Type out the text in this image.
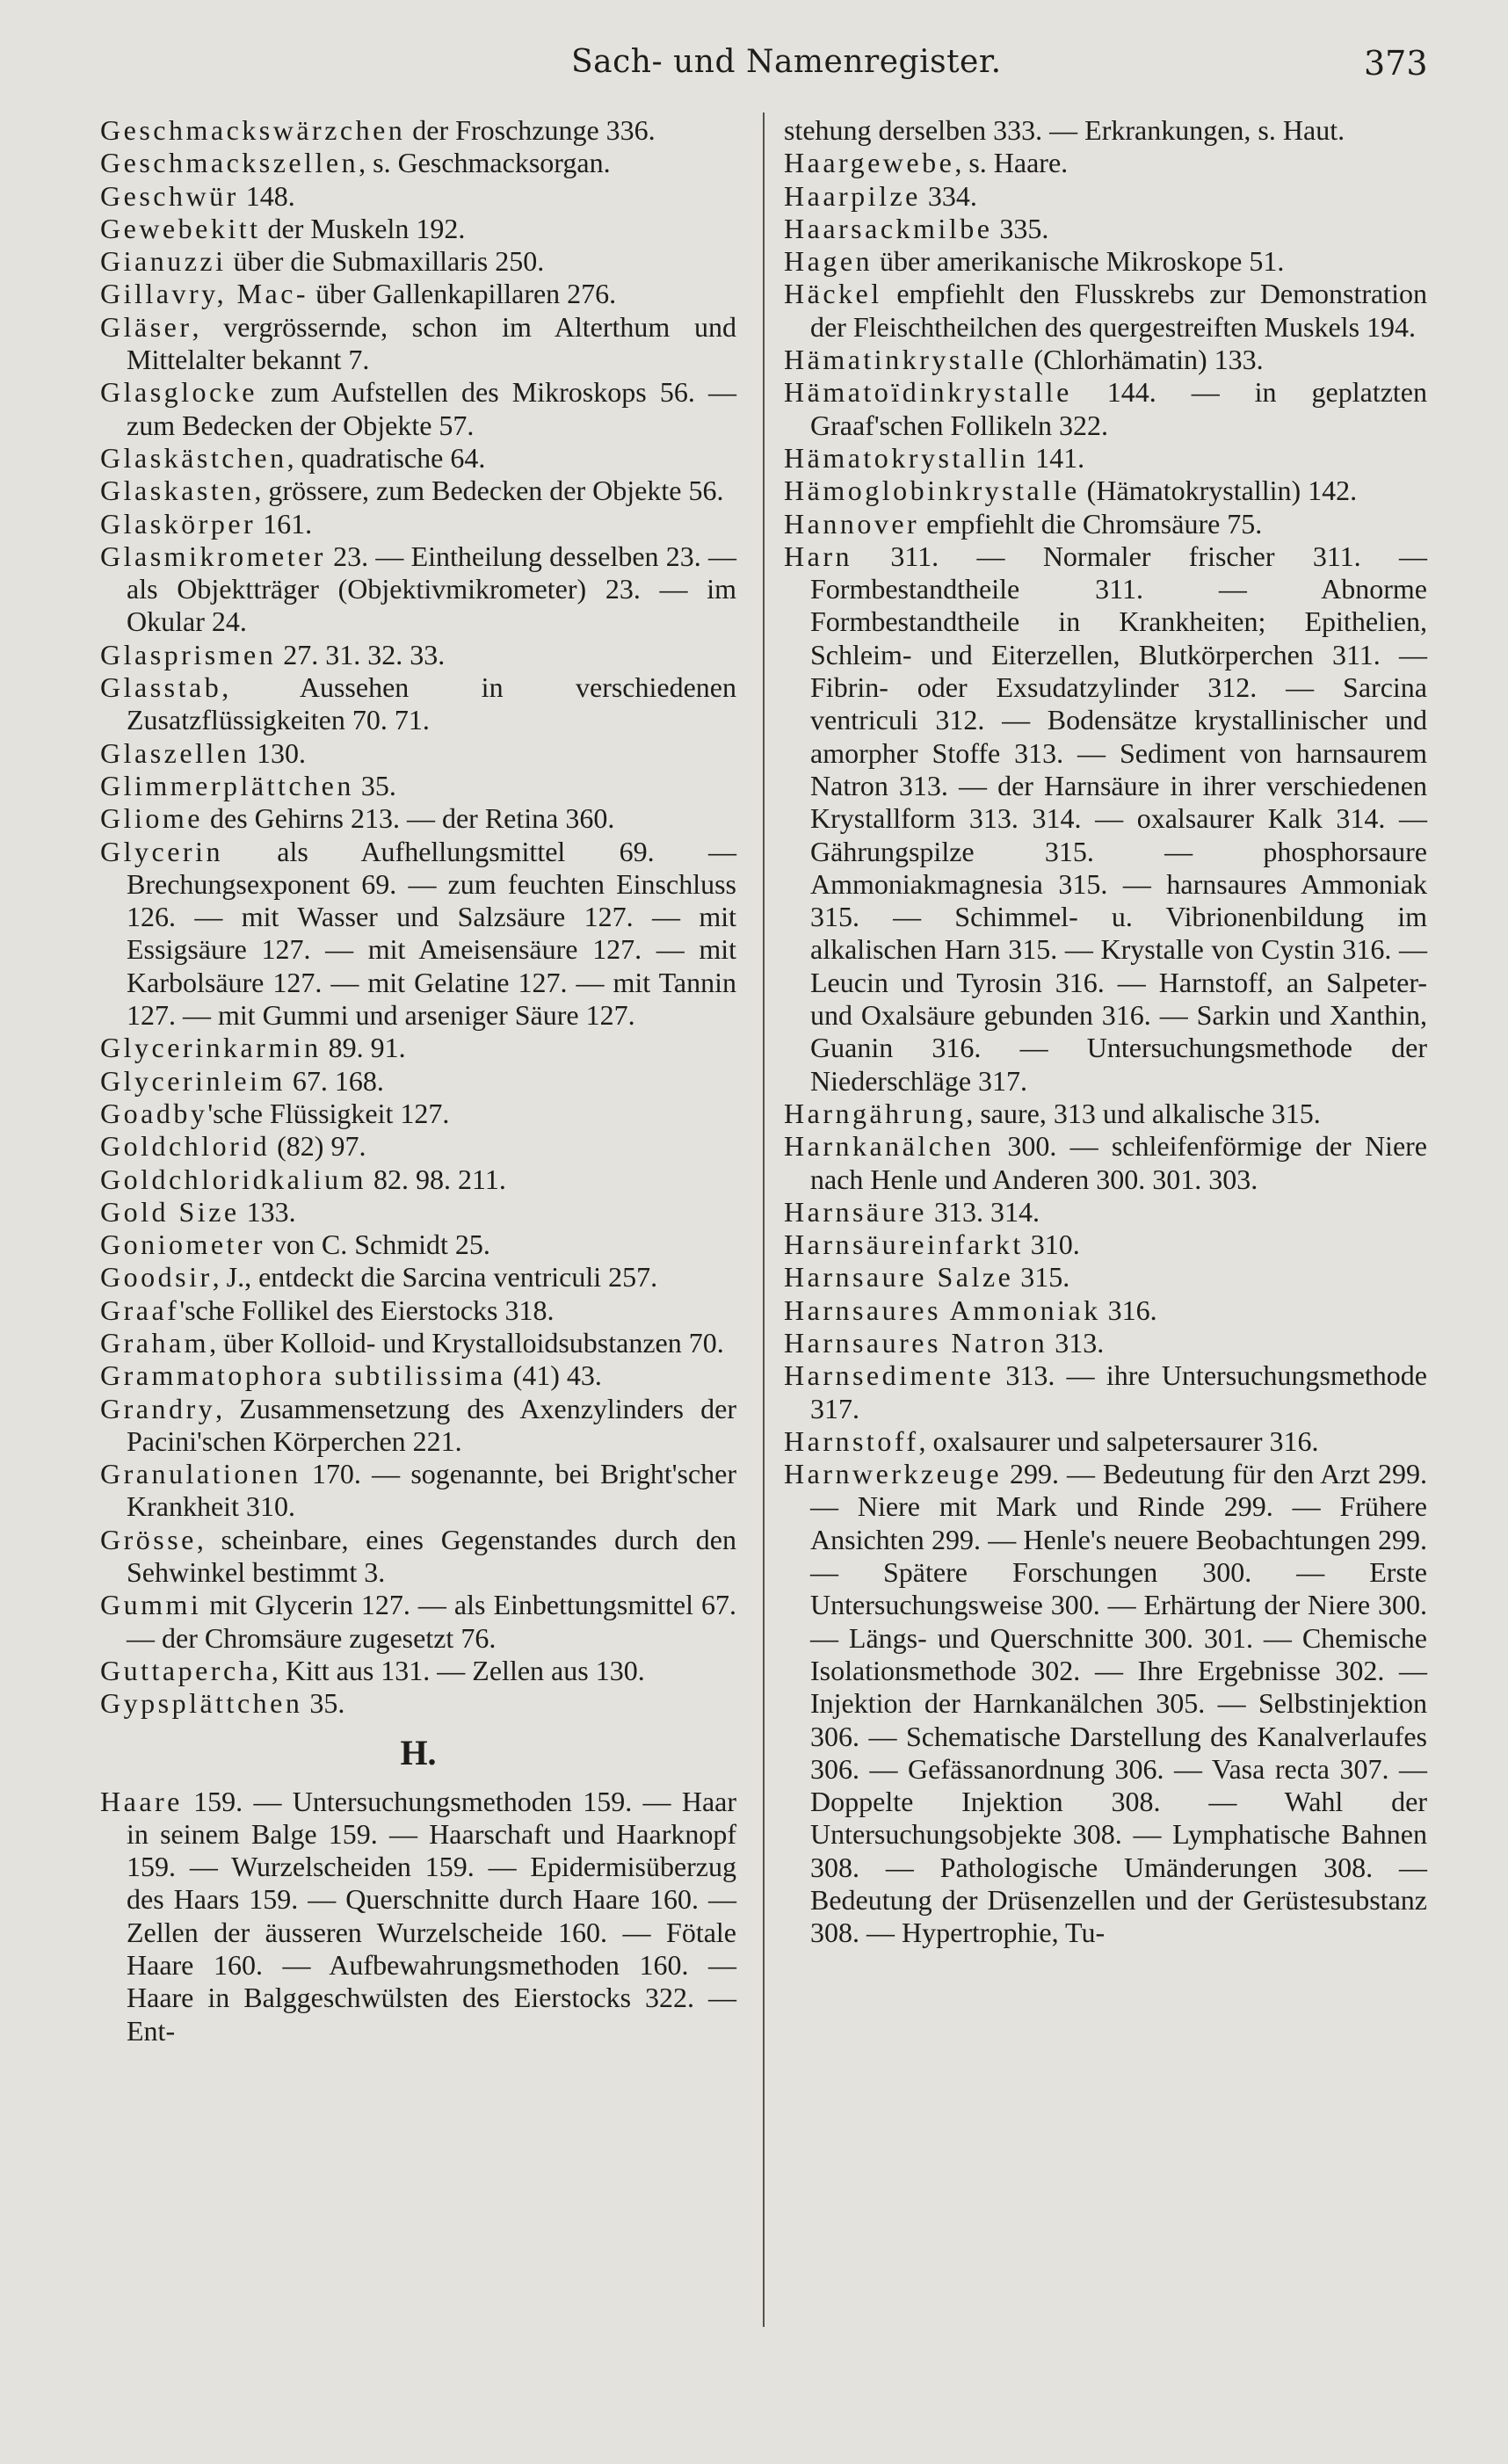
Sach- und Namenregister.	373
Geschmackswärzchen der Froschzunge 336.
Geschmackszellen, s. Geschmacksorgan.
Geschwür 148.
Gewebekitt der Muskeln 192.
Gianuzzi über die Submaxillaris 250.
Gillavry, Mac- über Gallenkapillaren 276.
Gläser, vergrössernde, schon im Alterthum und Mittelalter bekannt 7.
Glasglocke zum Aufstellen des Mikroskops 56. — zum Bedecken der Objekte 57.
Glaskästchen, quadratische 64.
Glaskasten, grössere, zum Bedecken der Objekte 56.
Glaskörper 161.
Glasmikrometer 23. — Eintheilung desselben 23. — als Objektträger (Objektivmikrometer) 23. — im Okular 24.
Glasprismen 27. 31. 32. 33.
Glasstab, Aussehen in verschiedenen Zusatzflüssigkeiten 70. 71.
Glaszellen 130.
Glimmerplättchen 35.
Gliome des Gehirns 213. — der Retina 360.
Glycerin als Aufhellungsmittel 69. — Brechungsexponent 69. — zum feuchten Einschluss 126. — mit Wasser und Salzsäure 127. — mit Essigsäure 127. — mit Ameisensäure 127. — mit Karbolsäure 127. — mit Gelatine 127. — mit Tannin 127. — mit Gummi und arseniger Säure 127.
Glycerinkarmin 89. 91.
Glycerinleim 67. 168.
Goadby'sche Flüssigkeit 127.
Goldchlorid (82) 97.
Goldchloridkalium 82. 98. 211.
Gold Size 133.
Goniometer von C. Schmidt 25.
Goodsir, J., entdeckt die Sarcina ventriculi 257.
Graaf'sche Follikel des Eierstocks 318.
Graham, über Kolloid- und Krystalloidsubstanzen 70.
Grammatophora subtilissima (41) 43.
Grandry, Zusammensetzung des Axenzylinders der Pacini'schen Körperchen 221.
Granulationen 170. — sogenannte, bei Bright'scher Krankheit 310.
Grösse, scheinbare, eines Gegenstandes durch den Sehwinkel bestimmt 3.
Gummi mit Glycerin 127. — als Einbettungsmittel 67. — der Chromsäure zugesetzt 76.
Guttapercha, Kitt aus 131. — Zellen aus 130.
Gypsplättchen 35.
H.
Haare 159. — Untersuchungsmethoden 159. — Haar in seinem Balge 159. — Haarschaft und Haarknopf 159. — Wurzelscheiden 159. — Epidermisüberzug des Haars 159. — Querschnitte durch Haare 160. — Zellen der äusseren Wurzelscheide 160. — Fötale Haare 160. — Aufbewahrungsmethoden 160. — Haare in Balggeschwülsten des Eierstocks 322. — Ent-
stehung derselben 333. — Erkrankungen, s. Haut.
Haargewebe, s. Haare.
Haarpilze 334.
Haarsackmilbe 335.
Hagen über amerikanische Mikroskope 51.
Häckel empfiehlt den Flusskrebs zur Demonstration der Fleischtheilchen des quergestreiften Muskels 194.
Hämatinkrystalle (Chlorhämatin) 133.
Hämatoïdinkrystalle 144. — in geplatzten Graaf'schen Follikeln 322.
Hämatokrystallin 141.
Hämoglobinkrystalle (Hämatokrystallin) 142.
Hannover empfiehlt die Chromsäure 75.
Harn 311. — Normaler frischer 311. — Formbestandtheile 311. — Abnorme Formbestandtheile in Krankheiten; Epithelien, Schleim- und Eiterzellen, Blutkörperchen 311. — Fibrin- oder Exsudatzylinder 312. — Sarcina ventriculi 312. — Bodensätze krystallinischer und amorpher Stoffe 313. — Sediment von harnsaurem Natron 313. — der Harnsäure in ihrer verschiedenen Krystallform 313. 314. — oxalsaurer Kalk 314. — Gährungspilze 315. — phosphorsaure Ammoniakmagnesia 315. — harnsaures Ammoniak 315. — Schimmel- u. Vibrionenbildung im alkalischen Harn 315. — Krystalle von Cystin 316. — Leucin und Tyrosin 316. — Harnstoff, an Salpeter- und Oxalsäure gebunden 316. — Sarkin und Xanthin, Guanin 316. — Untersuchungsmethode der Niederschläge 317.
Harngährung, saure, 313 und alkalische 315.
Harnkanälchen 300. — schleifenförmige der Niere nach Henle und Anderen 300. 301. 303.
Harnsäure 313. 314.
Harnsäureinfarkt 310.
Harnsaure Salze 315.
Harnsaures Ammoniak 316.
Harnsaures Natron 313.
Harnsedimente 313. — ihre Untersuchungsmethode 317.
Harnstoff, oxalsaurer und salpetersaurer 316.
Harnwerkzeuge 299. — Bedeutung für den Arzt 299. — Niere mit Mark und Rinde 299. — Frühere Ansichten 299. — Henle's neuere Beobachtungen 299. — Spätere Forschungen 300. — Erste Untersuchungsweise 300. — Erhärtung der Niere 300. — Längs- und Querschnitte 300. 301. — Chemische Isolationsmethode 302. — Ihre Ergebnisse 302. — Injektion der Harnkanälchen 305. — Selbstinjektion 306. — Schematische Darstellung des Kanalverlaufes 306. — Gefässanordnung 306. — Vasa recta 307. — Doppelte Injektion 308. — Wahl der Untersuchungsobjekte 308. — Lymphatische Bahnen 308. — Pathologische Umänderungen 308. — Bedeutung der Drüsenzellen und der Gerüstesubstanz 308. — Hypertrophie, Tu-
